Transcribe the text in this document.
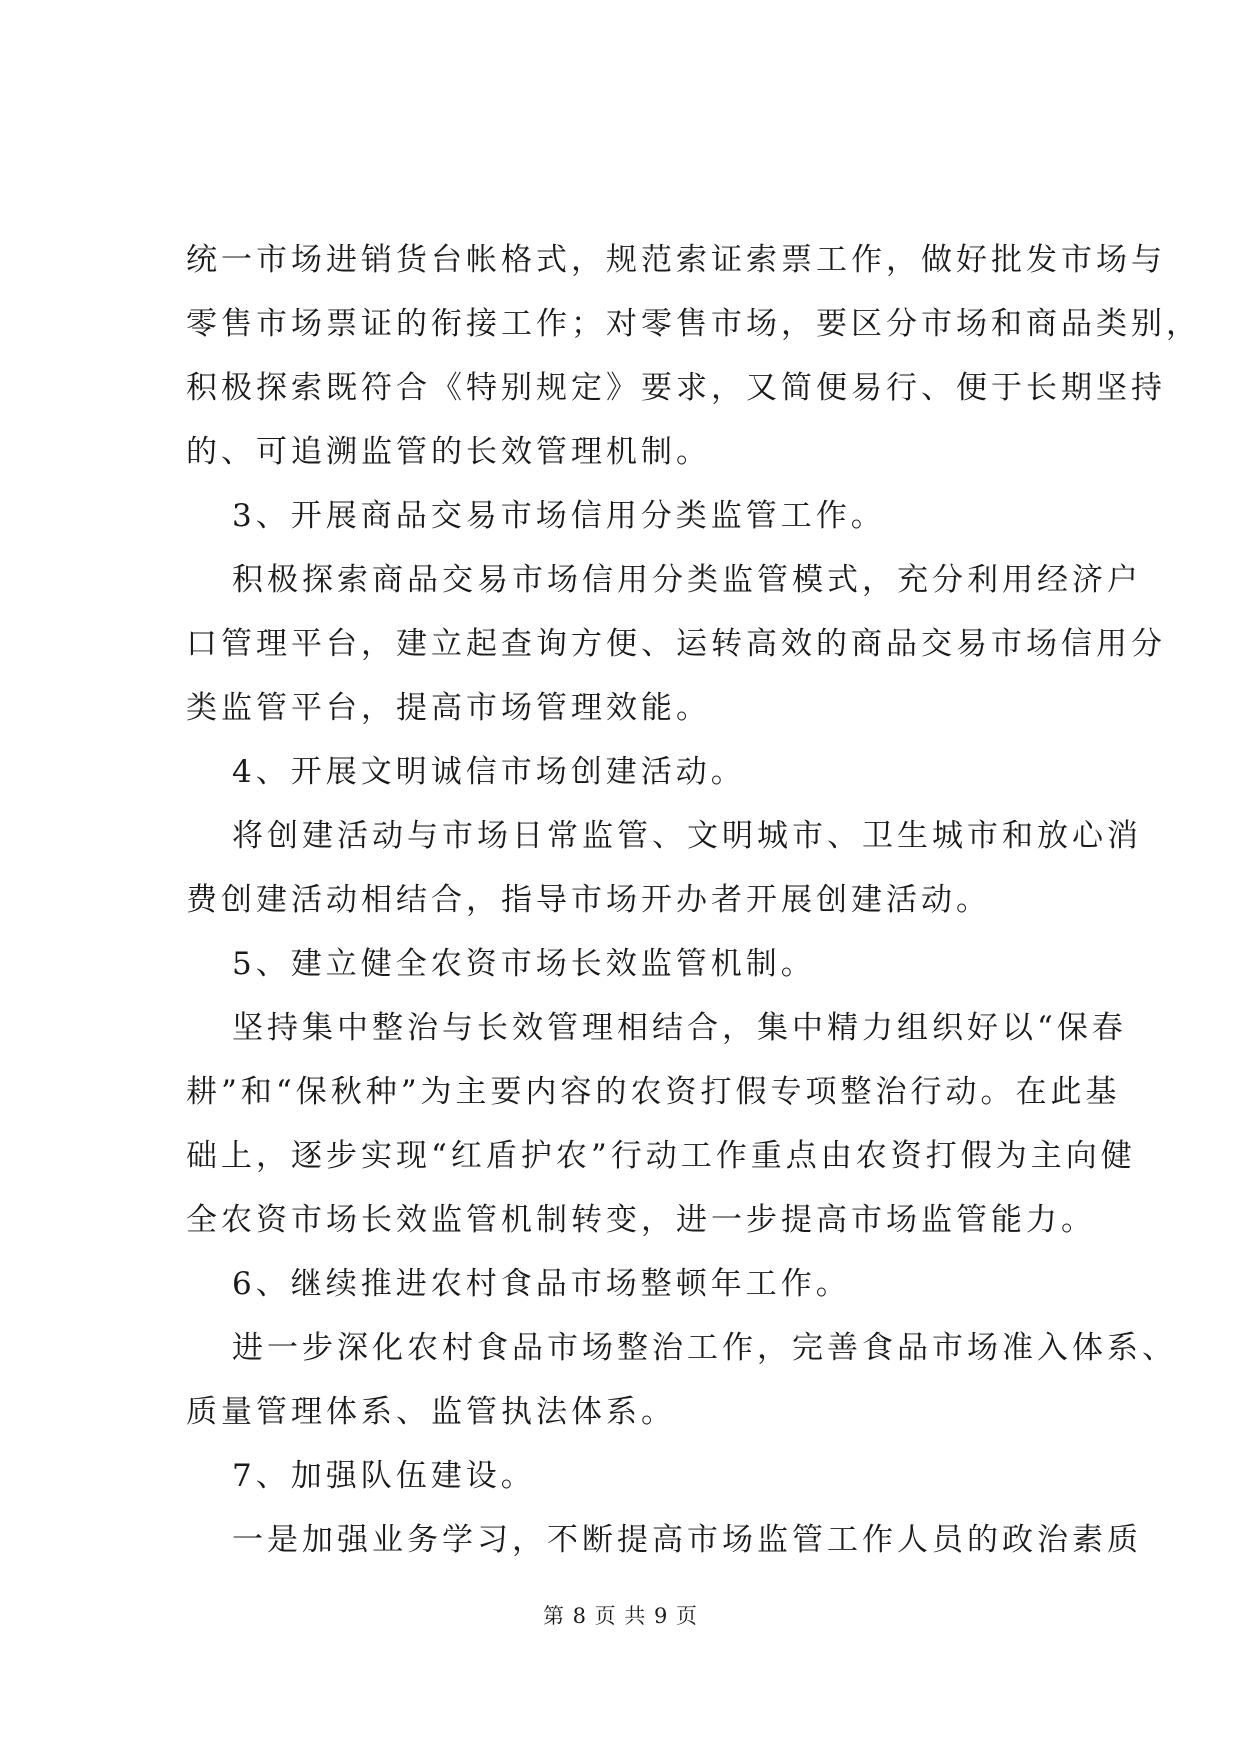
统一市场进销货台帐格式，规范索证索票工作，做好批发市场与

零售市场票证的衔接工作；对零售市场，要区分市场和商品类别，

积极探索既符合《特别规定》要求，又简便易行、便于长期坚持

的、可追溯监管的长效管理机制。

3、开展商品交易市场信用分类监管工作。

积极探索商品交易市场信用分类监管模式，充分利用经济户

口管理平台，建立起查询方便、运转高效的商品交易市场信用分

类监管平台，提高市场管理效能。

4、开展文明诚信市场创建活动。

将创建活动与市场日常监管、文明城市、卫生城市和放心消

费创建活动相结合，指导市场开办者开展创建活动。

5、建立健全农资市场长效监管机制。

坚持集中整治与长效管理相结合，集中精力组织好以“保春

耕”和“保秋种”为主要内容的农资打假专项整治行动。在此基

础上，逐步实现“红盾护农”行动工作重点由农资打假为主向健

全农资市场长效监管机制转变，进一步提高市场监管能力。

6、继续推进农村食品市场整顿年工作。

进一步深化农村食品市场整治工作，完善食品市场准入体系、

质量管理体系、监管执法体系。

7、加强队伍建设。

一是加强业务学习，不断提高市场监管工作人员的政治素质

第 8 页 共 9 页
